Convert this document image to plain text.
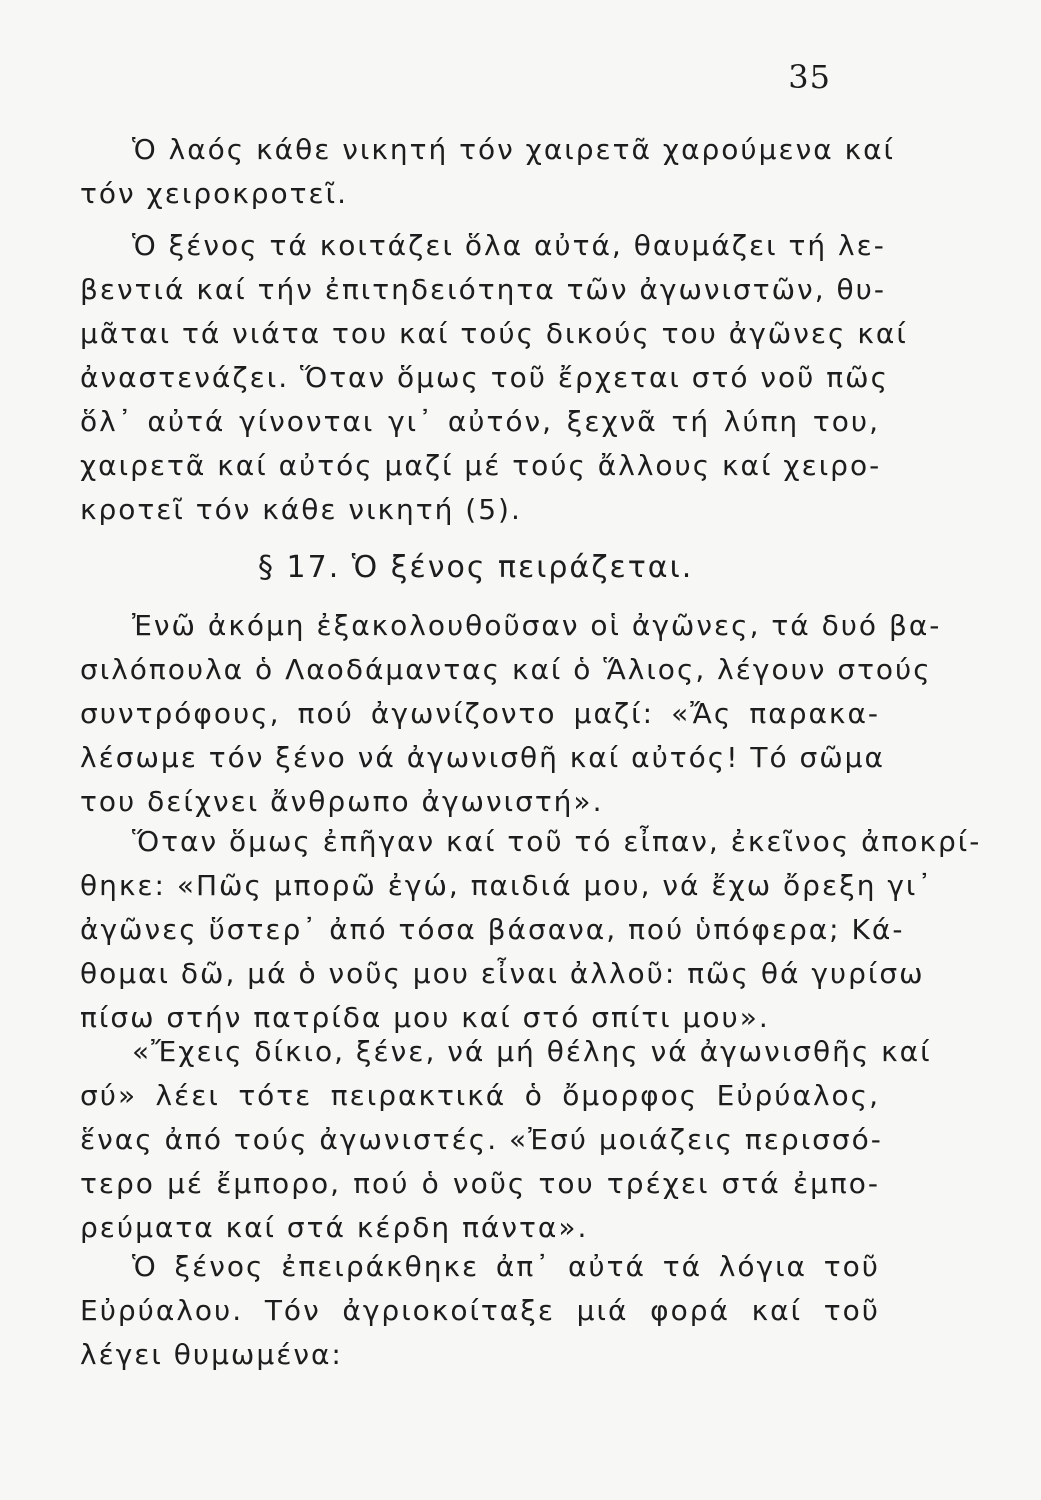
35
Ὁ λαός κάθε νικητή τόν χαιρετᾶ χαρούμενα καί
τόν χειροκροτεῖ.
Ὁ ξένος τά κοιτάζει ὅλα αὐτά, θαυμάζει τή λε-
βεντιά καί τήν ἐπιτηδειότητα τῶν ἀγωνιστῶν, θυ-
μᾶται τά νιάτα του καί τούς δικούς του ἀγῶνες καί
ἀναστενάζει. Ὅταν ὅμως τοῦ ἔρχεται στό νοῦ πῶς
ὅλ᾿ αὐτά γίνονται γι᾿ αὐτόν, ξεχνᾶ τή λύπη του,
χαιρετᾶ καί αὐτός μαζί μέ τούς ἄλλους καί χειρο-
κροτεῖ τόν κάθε νικητή (5).
§ 17. Ὁ ξένος πειράζεται.
Ἐνῶ ἀκόμη ἐξακολουθοῦσαν οἱ ἀγῶνες, τά δυό βα-
σιλόπουλα ὁ Λαοδάμαντας καί ὁ Ἅλιος, λέγουν στούς
συντρόφους, πού ἀγωνίζοντο μαζί: «Ἄς παρακα-
λέσωμε τόν ξένο νά ἀγωνισθῆ καί αὐτός! Τό σῶμα
του δείχνει ἄνθρωπο ἀγωνιστή».
Ὅταν ὅμως ἐπῆγαν καί τοῦ τό εἶπαν, ἐκεῖνος ἀποκρί-
θηκε: «Πῶς μπορῶ ἐγώ, παιδιά μου, νά ἔχω ὄρεξη γι᾿
ἀγῶνες ὕστερ᾿ ἀπό τόσα βάσανα, πού ὑπόφερα; Κά-
θομαι δῶ, μά ὁ νοῦς μου εἶναι ἀλλοῦ: πῶς θά γυρίσω
πίσω στήν πατρίδα μου καί στό σπίτι μου».
«Ἔχεις δίκιο, ξένε, νά μή θέλης νά ἀγωνισθῆς καί
σύ» λέει τότε πειρακτικά ὁ ὄμορφος Εὐρύαλος,
ἕνας ἀπό τούς ἀγωνιστές. «Ἐσύ μοιάζεις περισσό-
τερο μέ ἔμπορο, πού ὁ νοῦς του τρέχει στά ἐμπο-
ρεύματα καί στά κέρδη πάντα».
Ὁ ξένος ἐπειράκθηκε ἀπ᾿ αὐτά τά λόγια τοῦ
Εὐρύαλου. Τόν ἀγριοκοίταξε μιά φορά καί τοῦ
λέγει θυμωμένα:
